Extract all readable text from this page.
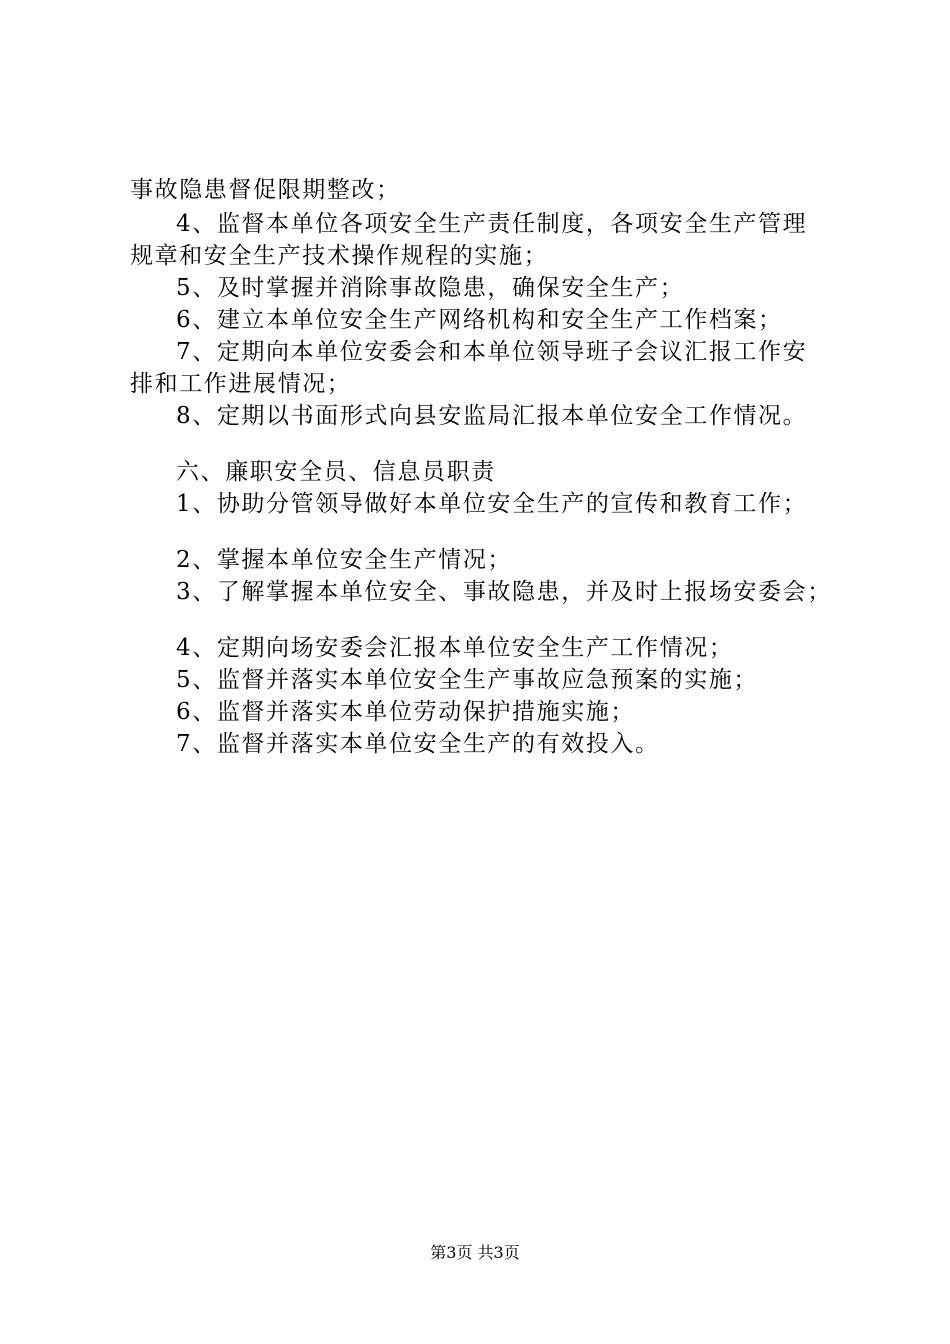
事故隐患督促限期整改；
4、监督本单位各项安全生产责任制度，各项安全生产管理
规章和安全生产技术操作规程的实施；
5、及时掌握并消除事故隐患，确保安全生产；
6、建立本单位安全生产网络机构和安全生产工作档案；
7、定期向本单位安委会和本单位领导班子会议汇报工作安
排和工作进展情况；
8、定期以书面形式向县安监局汇报本单位安全工作情况。
六、廉职安全员、信息员职责
1、协助分管领导做好本单位安全生产的宣传和教育工作；
2、掌握本单位安全生产情况；
3、了解掌握本单位安全、事故隐患，并及时上报场安委会；
4、定期向场安委会汇报本单位安全生产工作情况；
5、监督并落实本单位安全生产事故应急预案的实施；
6、监督并落实本单位劳动保护措施实施；
7、监督并落实本单位安全生产的有效投入。
第3页 共3页
